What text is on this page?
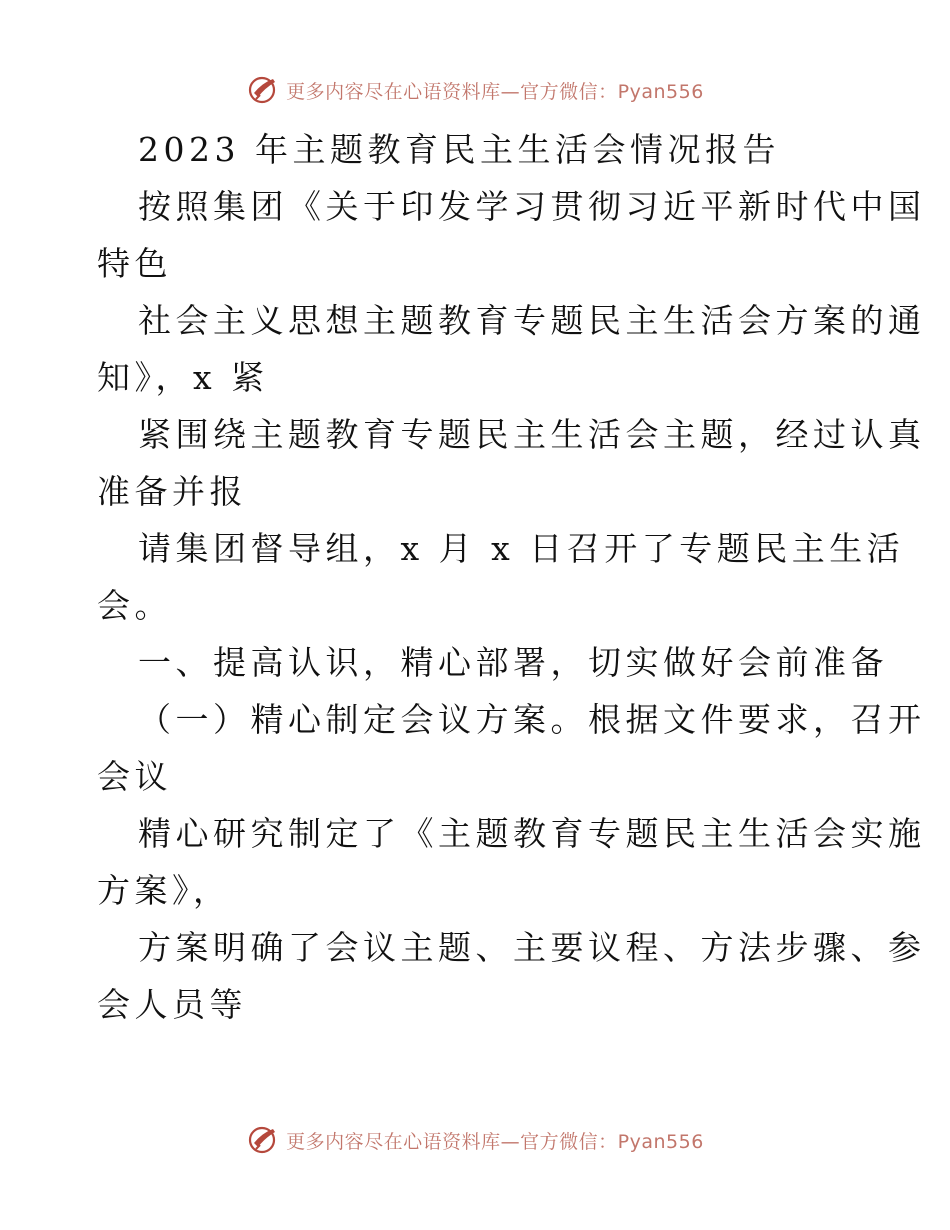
更多内容尽在心语资料库—官方微信：Pyan556
2023 年主题教育民主生活会情况报告
按照集团《关于印发学习贯彻习近平新时代中国
特色
社会主义思想主题教育专题民主生活会方案的通
知》，x 紧
紧围绕主题教育专题民主生活会主题，经过认真
准备并报
请集团督导组，x 月 x 日召开了专题民主生活
会。
一、提高认识，精心部署，切实做好会前准备
（一）精心制定会议方案。根据文件要求，召开
会议
精心研究制定了《主题教育专题民主生活会实施
方案》，
方案明确了会议主题、主要议程、方法步骤、参
会人员等
更多内容尽在心语资料库—官方微信：Pyan556
